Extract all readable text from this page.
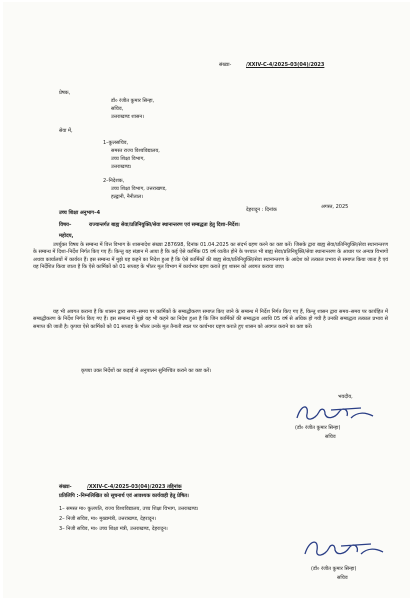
संख्या-	/XXIV-C-4/2025-03(04)/2023
प्रेषक,
डॉ० रंजीत कुमार सिन्हा,
सचिव,
उत्तराखण्ड शासन।
सेवा में,
1–कुलसचिव,
समस्त राज्य विश्वविद्यालय,
उच्च शिक्षा विभाग,
उत्तराखण्ड।
2–निदेशक,
उच्च शिक्षा विभाग, उत्तराखण्ड,
हल्द्वानी, नैनीताल।
उच्च शिक्षा अनुभाग–4	देहरादून : दिनांक	अगस्त, 2025
विषय–	राज्यान्तर्गत बाह्य सेवा/प्रतिनियुक्ति/सेवा स्थानान्तरण एवं सम्बद्धता हेतु दिशा–निर्देश।
महोदय,
उपर्युक्त विषय के सम्बन्ध में वित्त विभाग के शासनादेश संख्या 287698, दिनांक 01.04.2025 का संदर्भ ग्रहण करने का कष्ट करें। जिसके द्वारा बाह्य सेवा/प्रतिनियुक्ति/सेवा स्थानान्तरण के सम्बन्ध में दिशा–निर्देश निर्गत किए गए हैं। किन्तु यह संज्ञान में आया है कि कई ऐसे कार्मिक 05 वर्ष व्यतीत होने के पश्चात भी बाह्य सेवा/प्रतिनियुक्ति/सेवा स्थानान्तरण के आधार पर अन्यत्र विभागों अथवा कार्यालयों में कार्यरत हैं। इस सम्बन्ध में मुझे यह कहने का निदेश हुआ है कि ऐसे कार्मिकों की बाह्य सेवा/प्रतिनियुक्ति/सेवा स्थानान्तरण के आदेश को तत्काल प्रभाव से समाप्त किया जाता है एवं यह निर्देशित किया जाता है कि ऐसे कार्मिकों को 01 सप्ताह के भीतर मूल विभाग में कार्यभार ग्रहण कराते हुए शासन को अवगत कराया जाए।
यह भी अवगत कराना है कि शासन द्वारा समय–समय पर कार्मिकों के सम्बद्धीकरण समाप्त किए जाने के सम्बन्ध में निर्देश निर्गत किए गए हैं, किन्तु शासन द्वारा समय–समय पर कार्यहित में सम्बद्धीकरण के निर्देश निर्गत किए गए हैं। इस सम्बन्ध में मुझे यह भी कहने का निदेश हुआ है कि जिन कार्मिकों की सम्बद्धता अवधि 05 वर्ष से अधिक हो गयी है उनकी सम्बद्धता तत्काल प्रभाव से समाप्त की जाती है। कृपया ऐसे कार्मिकों को 01 सप्ताह के भीतर उनके मूल तैनाती स्थल पर कार्यभार ग्रहण कराते हुए शासन को अवगत कराने का कष्ट करें।
कृपया उक्त निर्देशों का कड़ाई से अनुपालन सुनिश्चित कराने का कष्ट करें।
भवदीय,
(डॉ० रंजीत कुमार सिन्हा)
सचिव
संख्या-	/XXIV-C-4/2025-03(04)/2023 तद्दिनांक
प्रतिलिपि :-निम्नलिखित को सूचनार्थ एवं आवश्यक कार्यवाही हेतु प्रेषित।
1– समस्त मा० कुलपति, राज्य विश्वविद्यालय, उच्च शिक्षा विभाग, उत्तराखण्ड।
2– निजी सचिव, मा० मुख्यमंत्री, उत्तराखण्ड, देहरादून।
3– निजी सचिव, मा० उच्च शिक्षा मंत्री, उत्तराखण्ड, देहरादून।
(डॉ० रंजीत कुमार सिन्हा)
सचिव
